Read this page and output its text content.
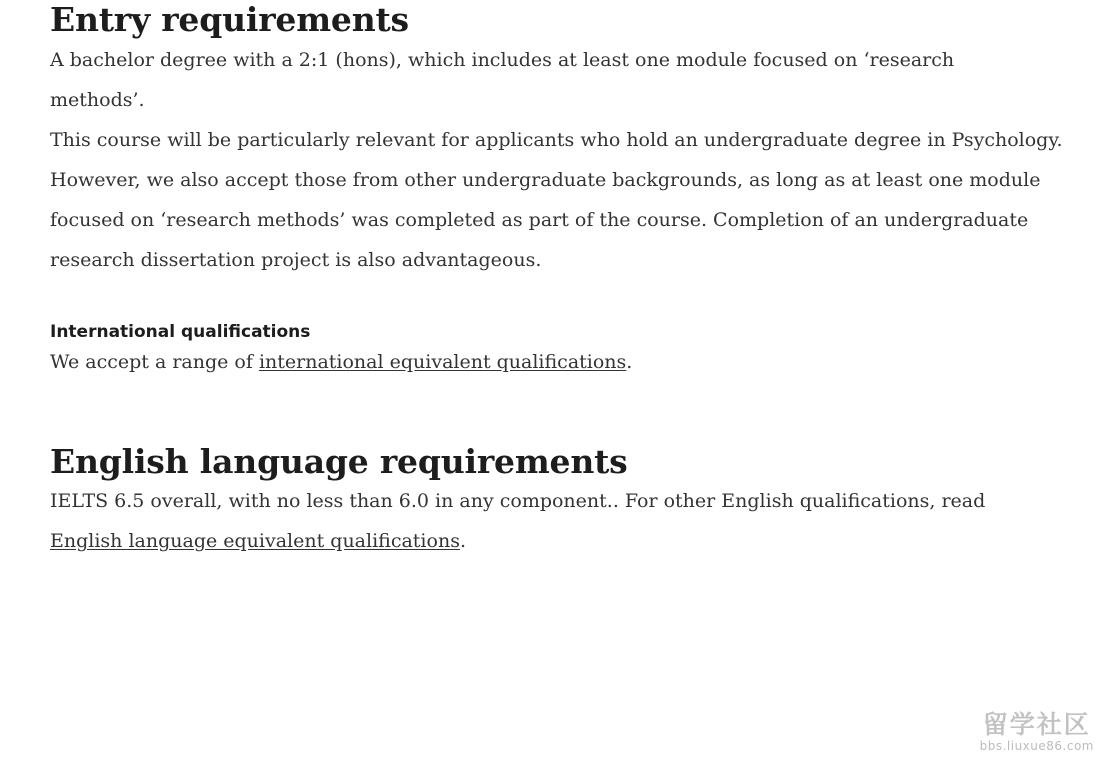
Entry requirements

A bachelor degree with a 2:1 (hons), which includes at least one module focused on ‘research methods’.

This course will be particularly relevant for applicants who hold an undergraduate degree in Psychology. However, we also accept those from other undergraduate backgrounds, as long as at least one module focused on ‘research methods’ was completed as part of the course. Completion of an undergraduate research dissertation project is also advantageous.

International qualifications

We accept a range of international equivalent qualifications.

English language requirements

IELTS 6.5 overall, with no less than 6.0 in any component.. For other English qualifications, read English language equivalent qualifications.

留学社区
bbs.liuxue86.com
